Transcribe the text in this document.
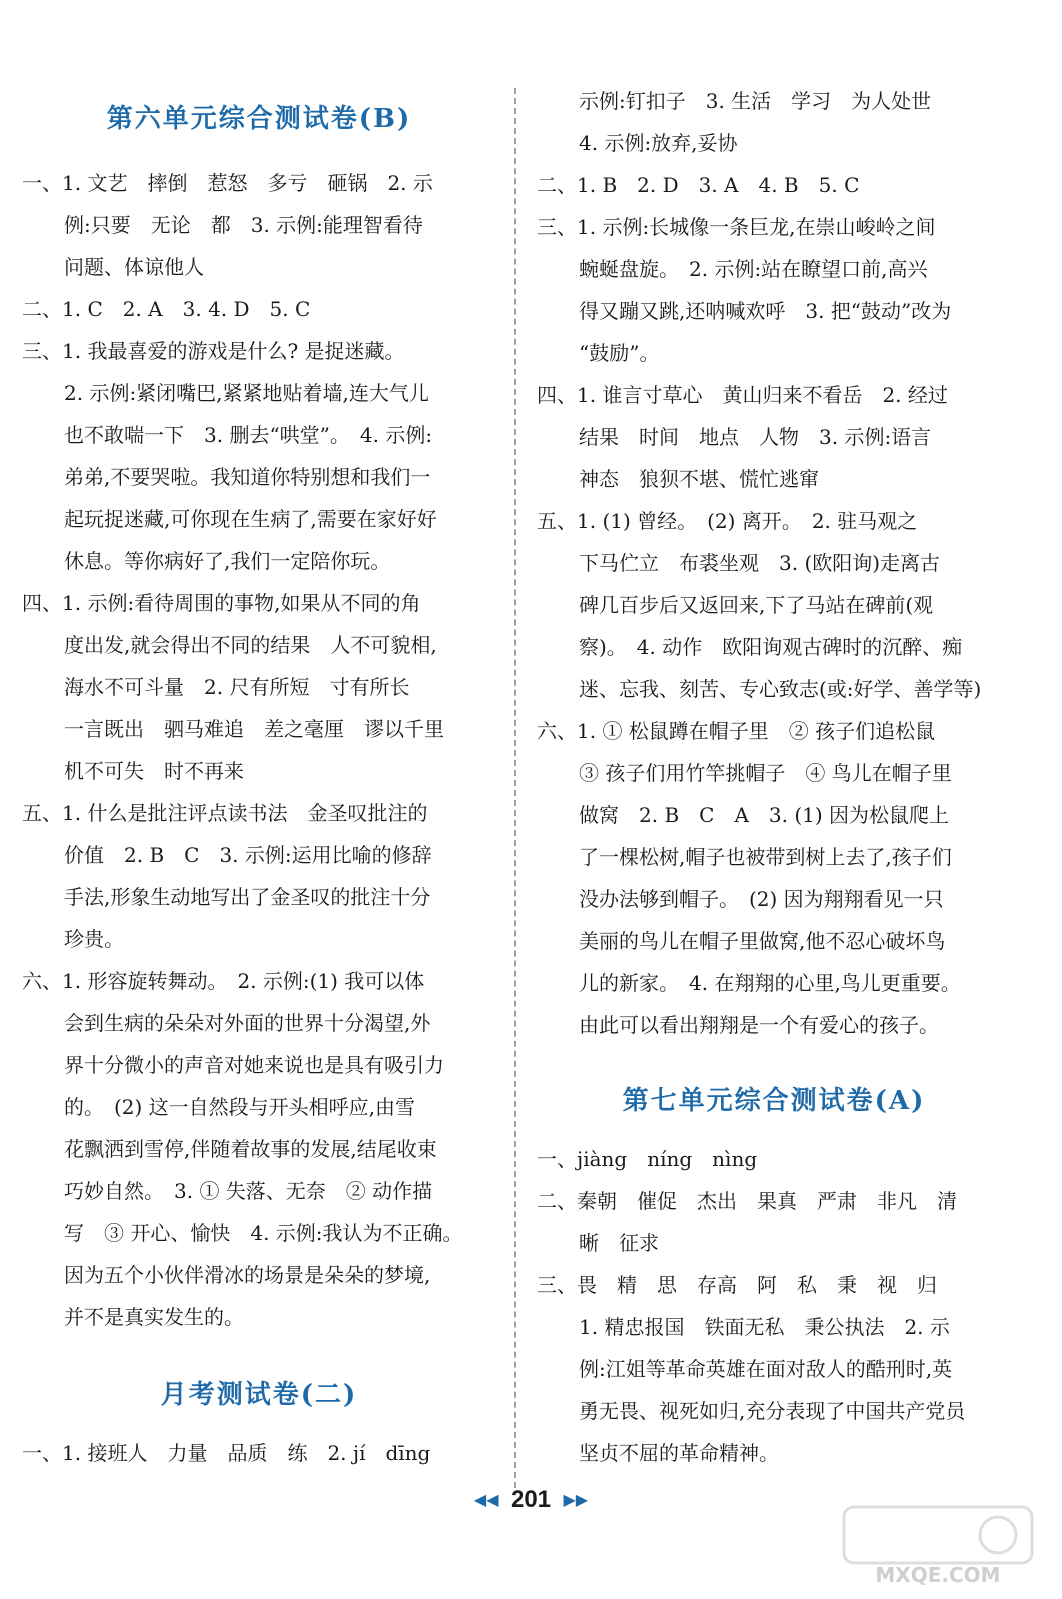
第六单元综合测试卷(B)
一、1. 文艺　摔倒　惹怒　多亏　砸锅　2. 示
例:只要　无论　都　3. 示例:能理智看待
问题、体谅他人
二、1. C　2. A　3. 4. D　5. C
三、1. 我最喜爱的游戏是什么? 是捉迷藏。
2. 示例:紧闭嘴巴,紧紧地贴着墙,连大气儿
也不敢喘一下　3. 删去“哄堂”。　4. 示例:
弟弟,不要哭啦。我知道你特别想和我们一
起玩捉迷藏,可你现在生病了,需要在家好好
休息。等你病好了,我们一定陪你玩。
四、1. 示例:看待周围的事物,如果从不同的角
度出发,就会得出不同的结果　人不可貌相,
海水不可斗量　2. 尺有所短　寸有所长
一言既出　驷马难追　差之毫厘　谬以千里
机不可失　时不再来
五、1. 什么是批注评点读书法　金圣叹批注的
价值　2. B　C　3. 示例:运用比喻的修辞
手法,形象生动地写出了金圣叹的批注十分
珍贵。
六、1. 形容旋转舞动。　2. 示例:(1) 我可以体
会到生病的朵朵对外面的世界十分渴望,外
界十分微小的声音对她来说也是具有吸引力
的。　(2) 这一自然段与开头相呼应,由雪
花飘洒到雪停,伴随着故事的发展,结尾收束
巧妙自然。　3. ① 失落、无奈　② 动作描
写　③ 开心、愉快　4. 示例:我认为不正确。
因为五个小伙伴滑冰的场景是朵朵的梦境,
并不是真实发生的。
月考测试卷(二)
一、1. 接班人　力量　品质　练　2. jí　dīng
示例:钉扣子　3. 生活　学习　为人处世
4. 示例:放弃,妥协
二、1. B　2. D　3. A　4. B　5. C
三、1. 示例:长城像一条巨龙,在崇山峻岭之间
蜿蜒盘旋。　2. 示例:站在瞭望口前,高兴
得又蹦又跳,还呐喊欢呼　3. 把“鼓动”改为
“鼓励”。
四、1. 谁言寸草心　黄山归来不看岳　2. 经过
结果　时间　地点　人物　3. 示例:语言
神态　狼狈不堪、慌忙逃窜
五、1. (1) 曾经。　(2) 离开。　2. 驻马观之
下马伫立　布裘坐观　3. (欧阳询)走离古
碑几百步后又返回来,下了马站在碑前(观
察)。　4. 动作　欧阳询观古碑时的沉醉、痴
迷、忘我、刻苦、专心致志(或:好学、善学等)
六、1. ① 松鼠蹲在帽子里　② 孩子们追松鼠
③ 孩子们用竹竿挑帽子　④ 鸟儿在帽子里
做窝　2. B　C　A　3. (1) 因为松鼠爬上
了一棵松树,帽子也被带到树上去了,孩子们
没办法够到帽子。　(2) 因为翔翔看见一只
美丽的鸟儿在帽子里做窝,他不忍心破坏鸟
儿的新家。　4. 在翔翔的心里,鸟儿更重要。
由此可以看出翔翔是一个有爱心的孩子。
第七单元综合测试卷(A)
一、jiàng　níng　nìng
二、秦朝　催促　杰出　果真　严肃　非凡　清
晰　征求
三、畏　精　思　存高　阿　私　秉　视　归
1. 精忠报国　铁面无私　秉公执法　2. 示
例:江姐等革命英雄在面对敌人的酷刑时,英
勇无畏、视死如归,充分表现了中国共产党员
坚贞不屈的革命精神。
◀◀ 201 ▶▶
MXQE.COM
